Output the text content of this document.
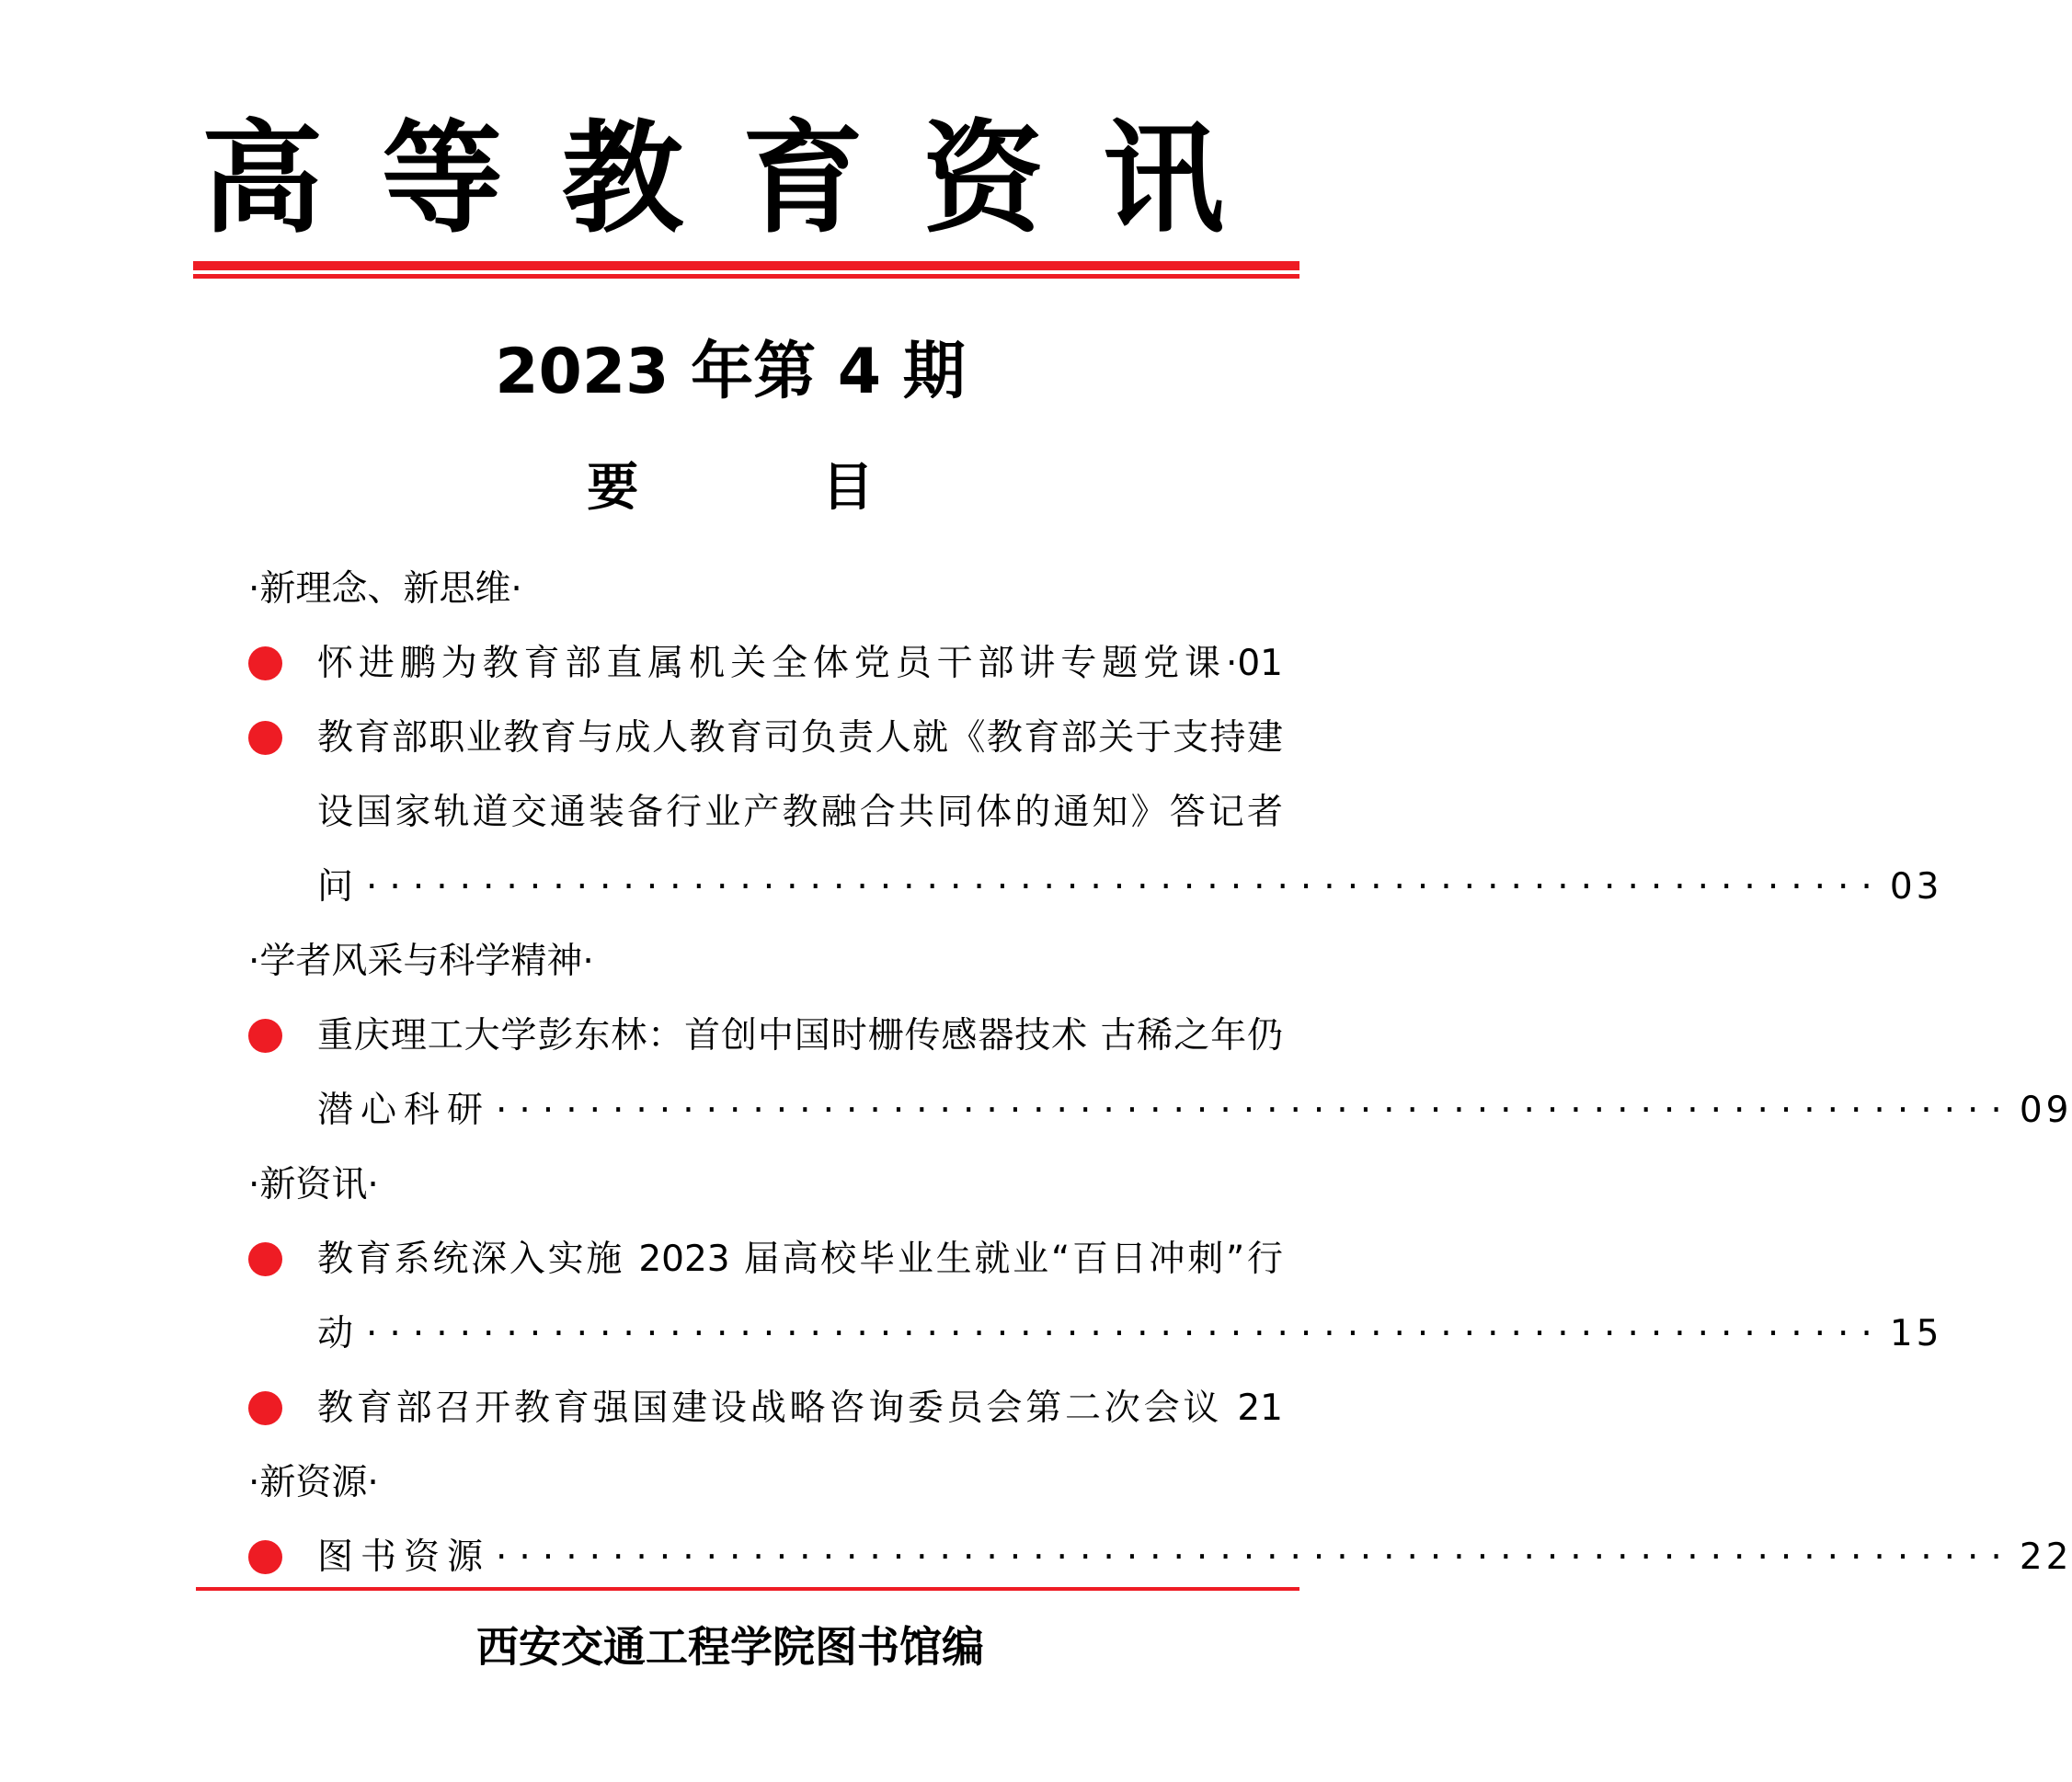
高 等 教 育 资 讯
2023 年第 4 期
要 目
·新理念、新思维·
怀进鹏为教育部直属机关全体党员干部讲专题党课·01
教育部职业教育与成人教育司负责人就《教育部关于支持建
设国家轨道交通装备行业产教融合共同体的通知》答记者
问 ································································· 03
·学者风采与科学精神·
重庆理工大学彭东林：首创中国时栅传感器技术 古稀之年仍
潜心科研 ································································· 09
·新资讯·
教育系统深入实施 2023 届高校毕业生就业“百日冲刺”行
动 ································································· 15
教育部召开教育强国建设战略咨询委员会第二次会议 21
·新资源·
图书资源 ································································· 22
西安交通工程学院图书馆编
